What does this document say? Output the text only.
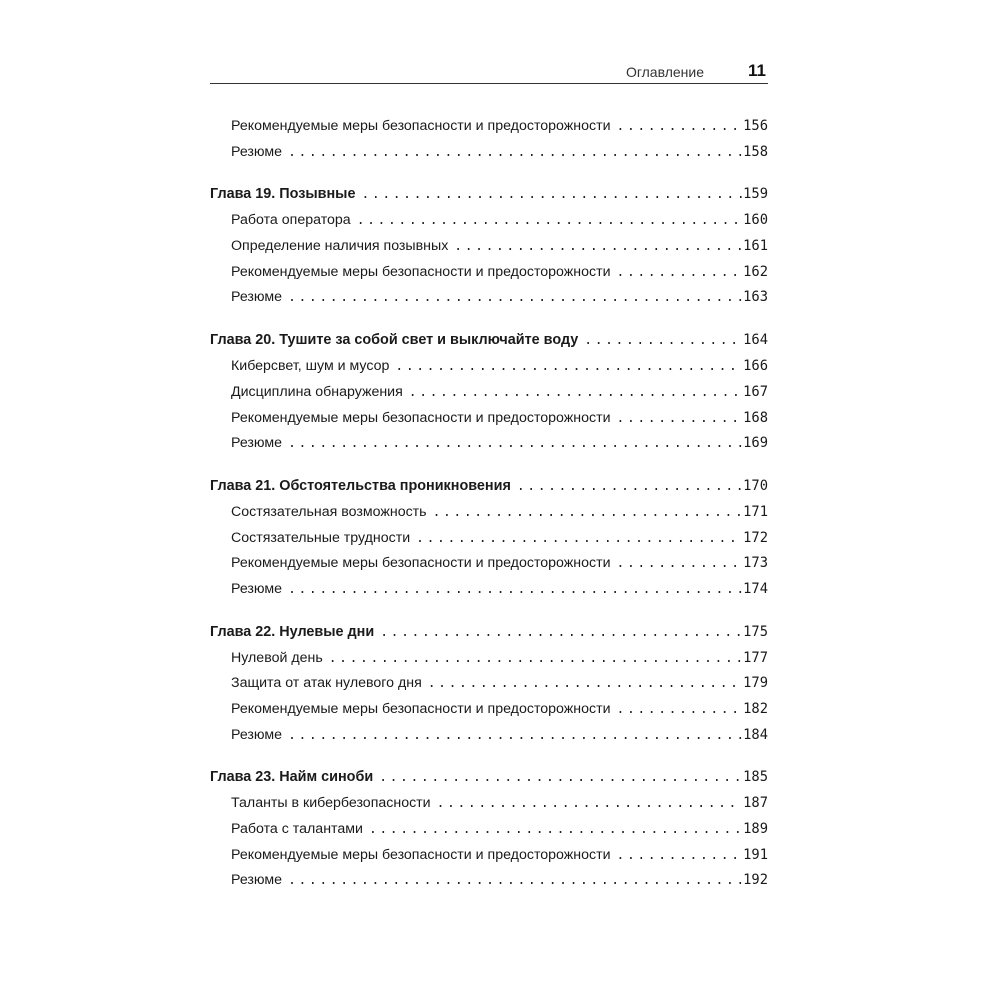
Оглавление	11
Рекомендуемые меры безопасности и предосторожности .....	156
Резюме .....	158
Глава 19. Позывные .....	159
Работа оператора .....	160
Определение наличия позывных .....	161
Рекомендуемые меры безопасности и предосторожности .....	162
Резюме .....	163
Глава 20. Тушите за собой свет и выключайте воду .....	164
Киберсвет, шум и мусор .....	166
Дисциплина обнаружения .....	167
Рекомендуемые меры безопасности и предосторожности .....	168
Резюме .....	169
Глава 21. Обстоятельства проникновения .....	170
Состязательная возможность .....	171
Состязательные трудности .....	172
Рекомендуемые меры безопасности и предосторожности .....	173
Резюме .....	174
Глава 22. Нулевые дни .....	175
Нулевой день .....	177
Защита от атак нулевого дня .....	179
Рекомендуемые меры безопасности и предосторожности .....	182
Резюме .....	184
Глава 23. Найм синоби .....	185
Таланты в кибербезопасности .....	187
Работа с талантами .....	189
Рекомендуемые меры безопасности и предосторожности .....	191
Резюме .....	192
